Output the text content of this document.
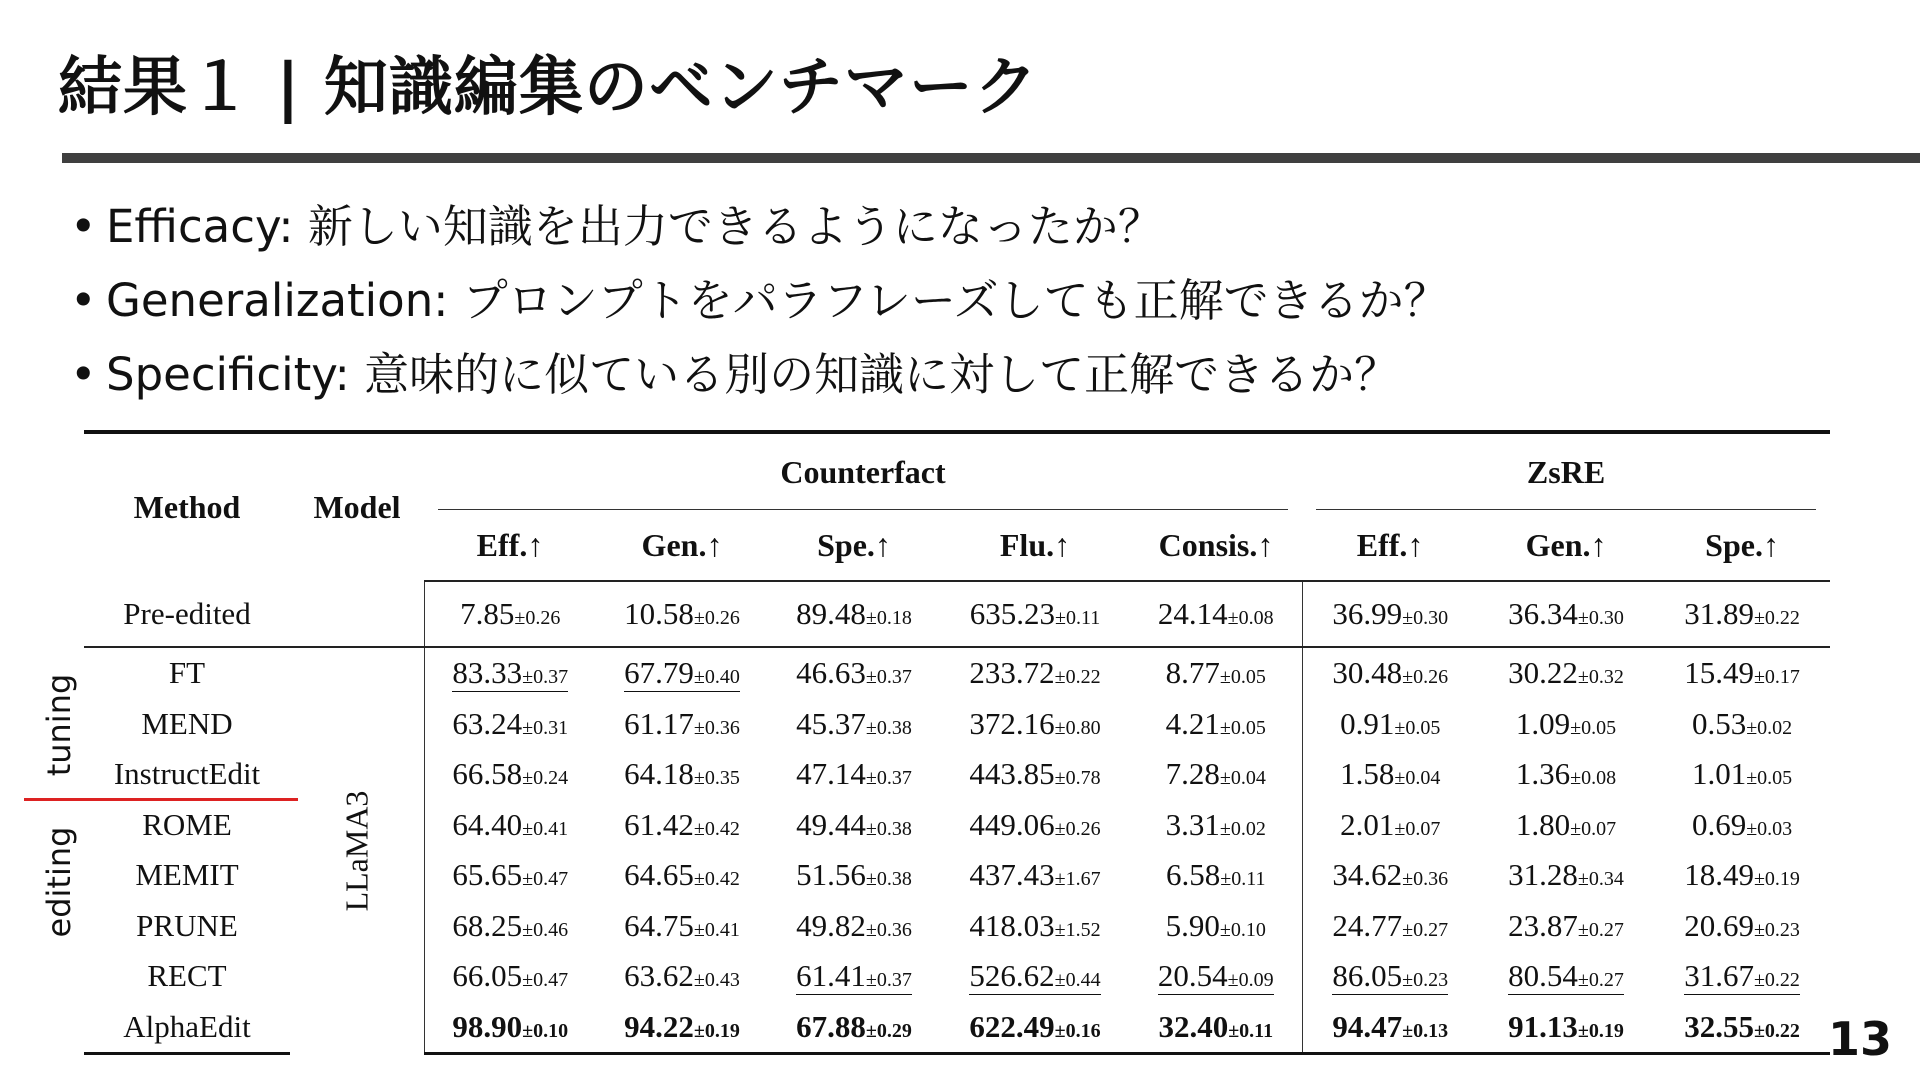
結果１ | 知識編集のベンチマーク
• Efficacy: 新しい知識を出力できるようになったか？
• Generalization: プロンプトをパラフレーズしても正解できるか？
• Specificity: 意味的に似ている別の知識に対して正解できるか？
Method	Model	Counterfact					ZsRE		
		Eff.↑	Gen.↑	Spe.↑	Flu.↑	Consis.↑	Eff.↑	Gen.↑	Spe.↑
Pre-edited		7.85±0.26	10.58±0.26	89.48±0.18	635.23±0.11	24.14±0.08	36.99±0.30	36.34±0.30	31.89±0.22
FT	LLaMA3	83.33±0.37	67.79±0.40	46.63±0.37	233.72±0.22	8.77±0.05	30.48±0.26	30.22±0.32	15.49±0.17
MEND		63.24±0.31	61.17±0.36	45.37±0.38	372.16±0.80	4.21±0.05	0.91±0.05	1.09±0.05	0.53±0.02
InstructEdit		66.58±0.24	64.18±0.35	47.14±0.37	443.85±0.78	7.28±0.04	1.58±0.04	1.36±0.08	1.01±0.05
ROME		64.40±0.41	61.42±0.42	49.44±0.38	449.06±0.26	3.31±0.02	2.01±0.07	1.80±0.07	0.69±0.03
MEMIT		65.65±0.47	64.65±0.42	51.56±0.38	437.43±1.67	6.58±0.11	34.62±0.36	31.28±0.34	18.49±0.19
PRUNE		68.25±0.46	64.75±0.41	49.82±0.36	418.03±1.52	5.90±0.10	24.77±0.27	23.87±0.27	20.69±0.23
RECT		66.05±0.47	63.62±0.43	61.41±0.37	526.62±0.44	20.54±0.09	86.05±0.23	80.54±0.27	31.67±0.22
AlphaEdit		98.90±0.10	94.22±0.19	67.88±0.29	622.49±0.16	32.40±0.11	94.47±0.13	91.13±0.19	32.55±0.22
tuning
editing
13
